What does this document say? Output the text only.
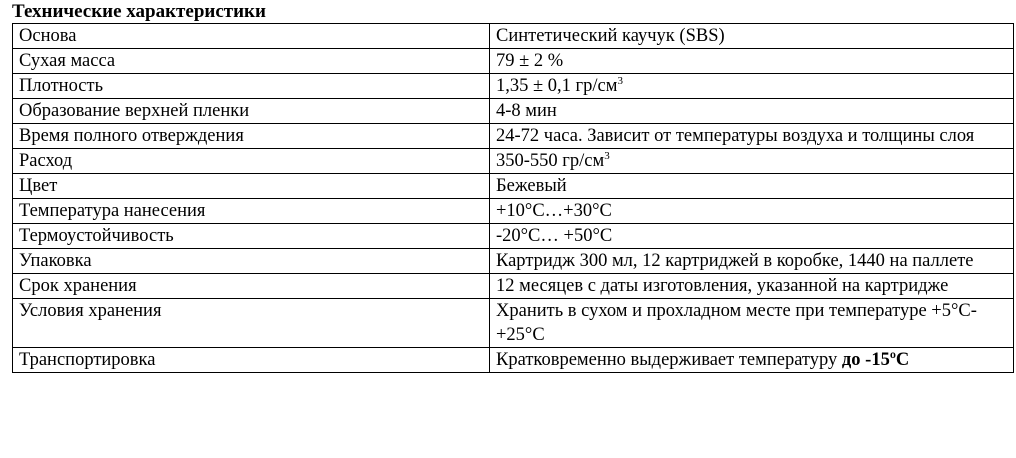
Технические характеристики
Основа	Синтетический каучук (SBS)
Сухая масса	79 ± 2 %
Плотность	1,35 ± 0,1 $гр/см^3$
Образование верхней пленки	4-8 мин
Время полного отверждения	24-72 часа. Зависит от температуры воздуха и толщины слоя
Расход	350-550 $гр/см^3$
Цвет	Бежевый
Температура нанесения	+10°С…+30°С
Термоустойчивость	-20°С… +50°С
Упаковка	Картридж 300 мл, 12 картриджей в коробке, 1440 на паллете
Срок хранения	12 месяцев с даты изготовления, указанной на картридже
Условия хранения	Хранить в сухом и прохладном месте при температуре +5°С-+25°С
Транспортировка	Кратковременно выдерживает температуру до -15ºС
